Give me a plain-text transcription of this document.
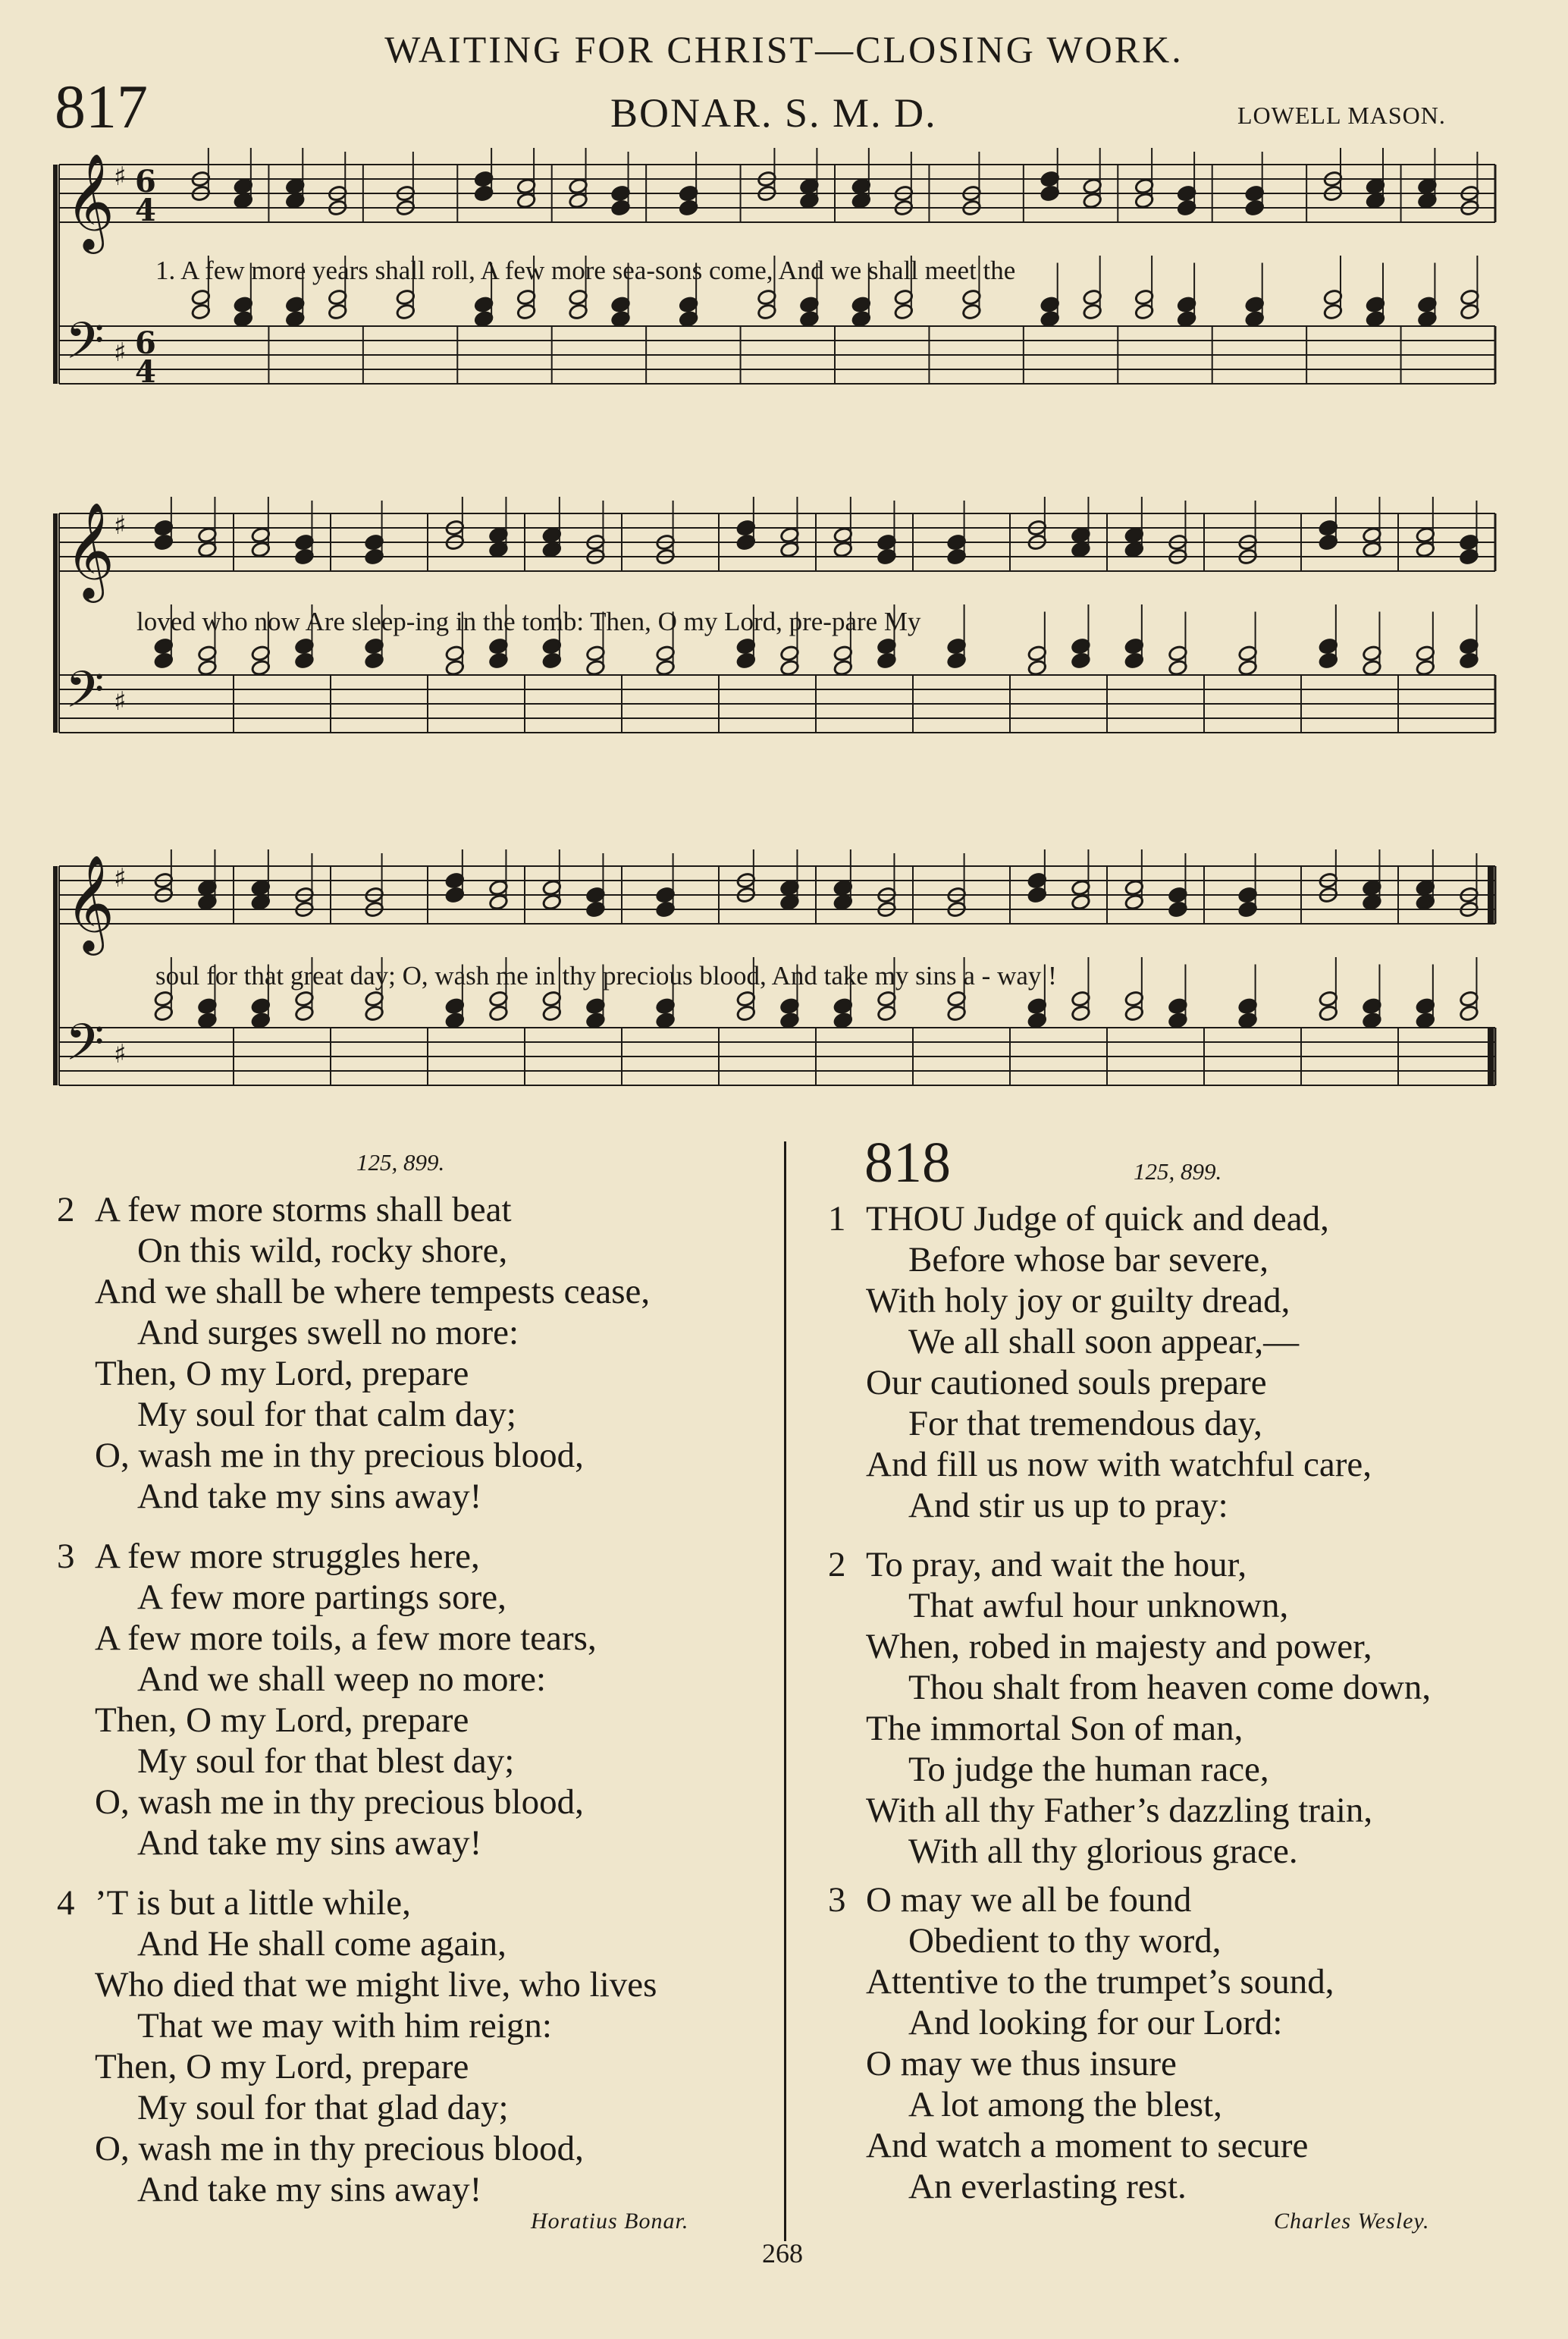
WAITING FOR CHRIST—CLOSING WORK.
817	BONAR. S. M. D.	LOWELL MASON.
𝄞
♯ 6
4
𝄢 ♯ 6
4
1. A few more years shall roll, A few more sea-sons come, And we shall meet the
𝄞
♯
𝄢 ♯
loved who now Are sleep-ing in the tomb: Then, O my Lord, pre-pare My
𝄞
♯
𝄢 ♯
soul for that great day; O, wash me in thy precious blood, And take my sins a - way !
125, 899.	818	125, 899.
2 A few more storms shall beat
On this wild, rocky shore,
And we shall be where tempests cease,
And surges swell no more:
Then, O my Lord, prepare
My soul for that calm day;
O, wash me in thy precious blood,
And take my sins away!
3 A few more struggles here,
A few more partings sore,
A few more toils, a few more tears,
And we shall weep no more:
Then, O my Lord, prepare
My soul for that blest day;
O, wash me in thy precious blood,
And take my sins away!
4 ’T is but a little while,
And He shall come again,
Who died that we might live, who lives
That we may with him reign:
Then, O my Lord, prepare
My soul for that glad day;
O, wash me in thy precious blood,
And take my sins away!
Horatius Bonar.
1 THOU Judge of quick and dead,
Before whose bar severe,
With holy joy or guilty dread,
We all shall soon appear,—
Our cautioned souls prepare
For that tremendous day,
And fill us now with watchful care,
And stir us up to pray:
2 To pray, and wait the hour,
That awful hour unknown,
When, robed in majesty and power,
Thou shalt from heaven come down,
The immortal Son of man,
To judge the human race,
With all thy Father’s dazzling train,
With all thy glorious grace.
3 O may we all be found
Obedient to thy word,
Attentive to the trumpet’s sound,
And looking for our Lord:
O may we thus insure
A lot among the blest,
And watch a moment to secure
An everlasting rest.
Charles Wesley.
268
